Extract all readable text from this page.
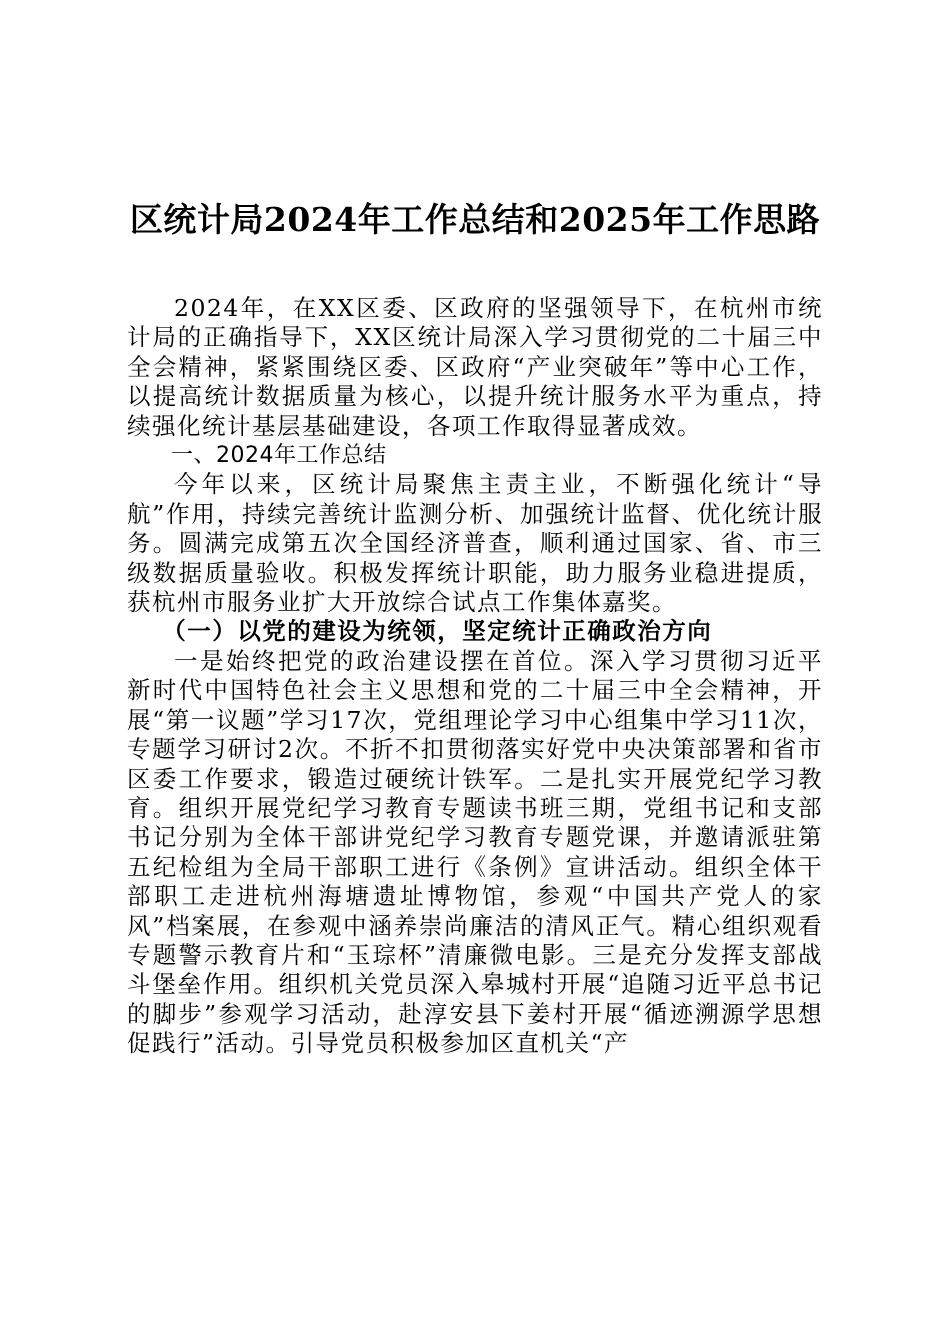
区统计局2024年工作总结和2025年工作思路

2024年，在XX区委、区政府的坚强领导下，在杭州市统计局的正确指导下，XX区统计局深入学习贯彻党的二十届三中全会精神，紧紧围绕区委、区政府“产业突破年”等中心工作，以提高统计数据质量为核心，以提升统计服务水平为重点，持续强化统计基层基础建设，各项工作取得显著成效。

一、2024年工作总结

今年以来，区统计局聚焦主责主业，不断强化统计“导航”作用，持续完善统计监测分析、加强统计监督、优化统计服务。圆满完成第五次全国经济普查，顺利通过国家、省、市三级数据质量验收。积极发挥统计职能，助力服务业稳进提质，获杭州市服务业扩大开放综合试点工作集体嘉奖。

（一）以党的建设为统领，坚定统计正确政治方向

一是始终把党的政治建设摆在首位。深入学习贯彻习近平新时代中国特色社会主义思想和党的二十届三中全会精神，开展“第一议题”学习17次，党组理论学习中心组集中学习11次，专题学习研讨2次。不折不扣贯彻落实好党中央决策部署和省市区委工作要求，锻造过硬统计铁军。二是扎实开展党纪学习教育。组织开展党纪学习教育专题读书班三期，党组书记和支部书记分别为全体干部讲党纪学习教育专题党课，并邀请派驻第五纪检组为全局干部职工进行《条例》宣讲活动。组织全体干部职工走进杭州海塘遗址博物馆，参观“中国共产党人的家风”档案展，在参观中涵养崇尚廉洁的清风正气。精心组织观看专题警示教育片和“玉琮杯”清廉微电影。三是充分发挥支部战斗堡垒作用。组织机关党员深入皋城村开展“追随习近平总书记的脚步”参观学习活动，赴淳安县下姜村开展“循迹溯源学思想促践行”活动。引导党员积极参加区直机关“产
